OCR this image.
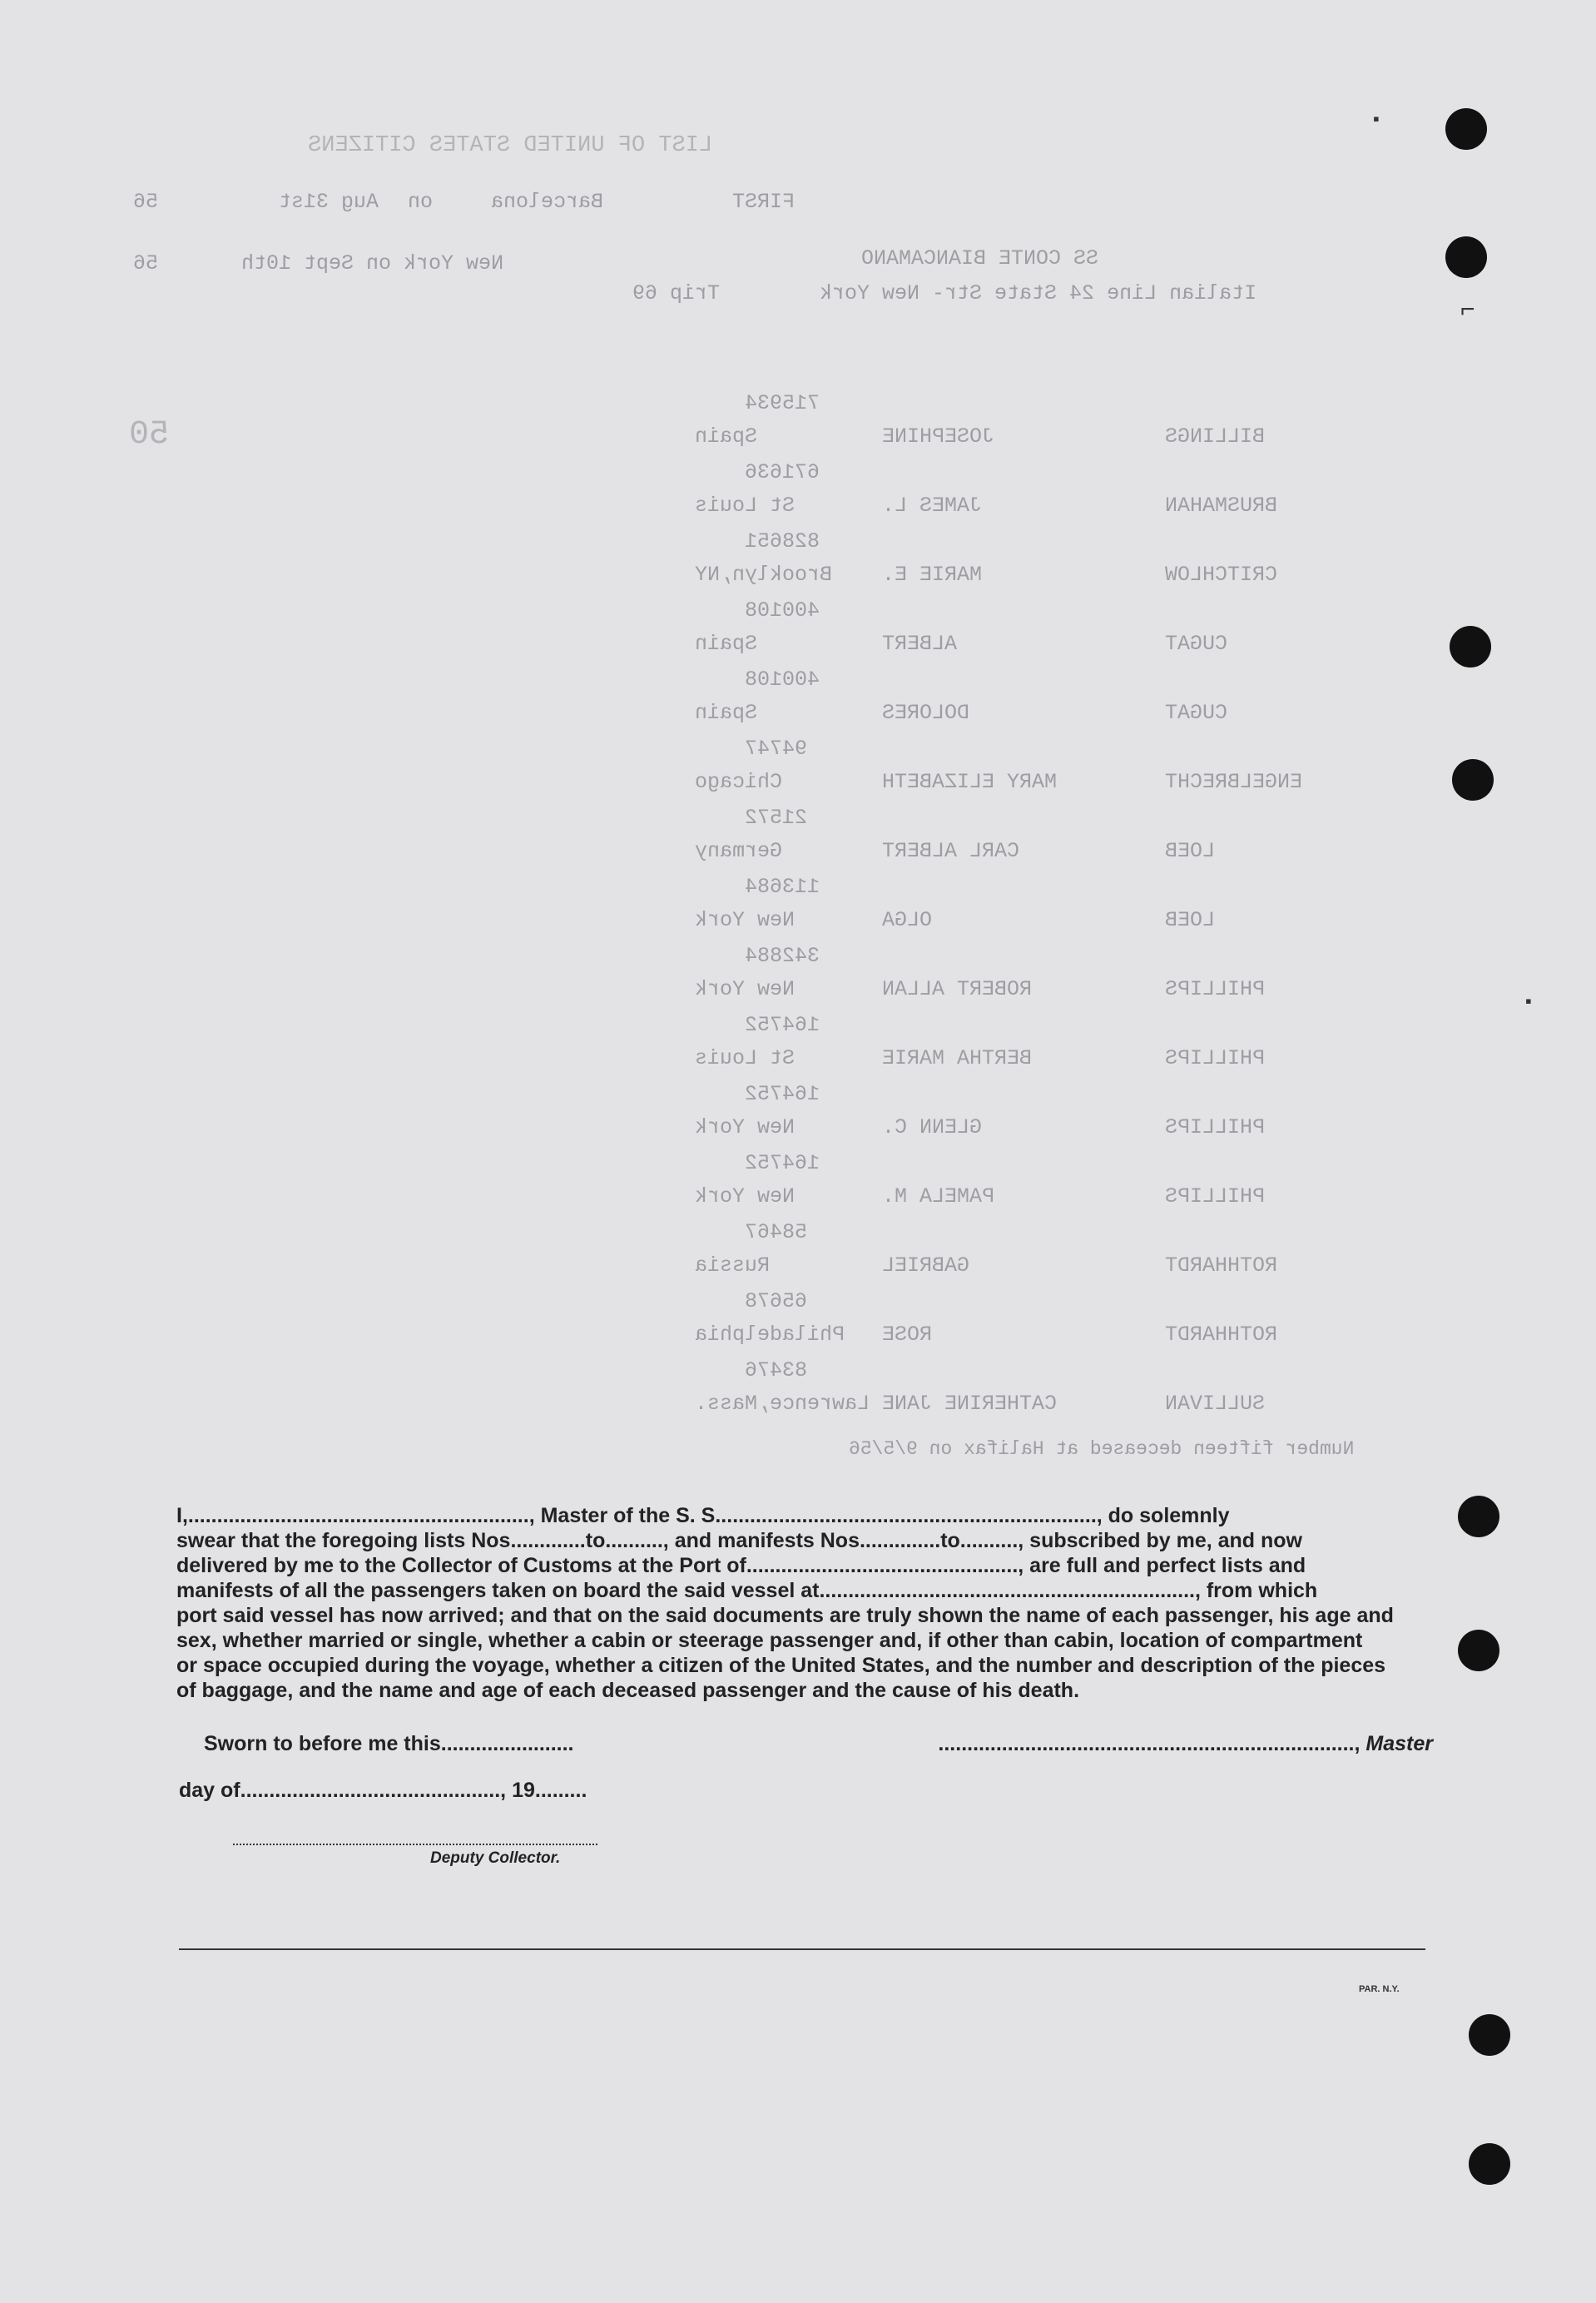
LIST OF UNITED STATES CITIZENS
FIRST
Barcelona
on
Aug 31st
56
SS CONTE BIANCAMANO
New York on Sept 10th
56
Italian Line 24 State Str- New York
Trip 69
50
715934
Spain	JOSEPHINE	BILLINGS
671636
St Louis	JAMES L.	BRUSMAHAN
828651
Brooklyn,NY MARIE E.	CRITCHLOW
400108
Spain	ALBERT	CUGAT
400108
Spain	DOLORES	CUGAT
94747
Chicago	MARY ELIZABETH	ENGELBRECHT
21572
Germany	CARL ALBERT	LOEB
113684
New York	OLGA	LOEB
342884
New York	ROBERT ALLAN	PHILLIPS
164752
St Louis	BERTHA MARIE	PHILLIPS
164752
New York	GLENN C.	PHILLIPS
164752
New York	PAMELA M.	PHILLIPS
58467
Russia	GABRIEL	ROTHHARDT
65678
Philadelphia ROSE	ROTHHARDT
83476
Lawrence,Mass. CATHERINE JANE	SULLIVAN
Number fifteen deceased at Halifax on 9/5/56
▪
⌐
▪

I,..........................................................., Master of the S. S.................................................................., do solemnly

swear that the foregoing lists Nos.............to.........., and manifests Nos..............to.........., subscribed by me, and now

delivered by me to the Collector of Customs at the Port of..............................................., are full and perfect lists and

manifests of all the passengers taken on board the said vessel at................................................................., from which

port said vessel has now arrived; and that on the said documents are truly shown the name of each passenger, his age and

sex, whether married or single, whether a cabin or steerage passenger and, if other than cabin, location of compartment

or space occupied during the voyage, whether a citizen of the United States, and the number and description of the pieces

of baggage, and the name and age of each deceased passenger and the cause of his death.

Sworn to before me this.......................	........................................................................, Master
day of............................................., 19.........
Deputy Collector.
PAR. N.Y.
